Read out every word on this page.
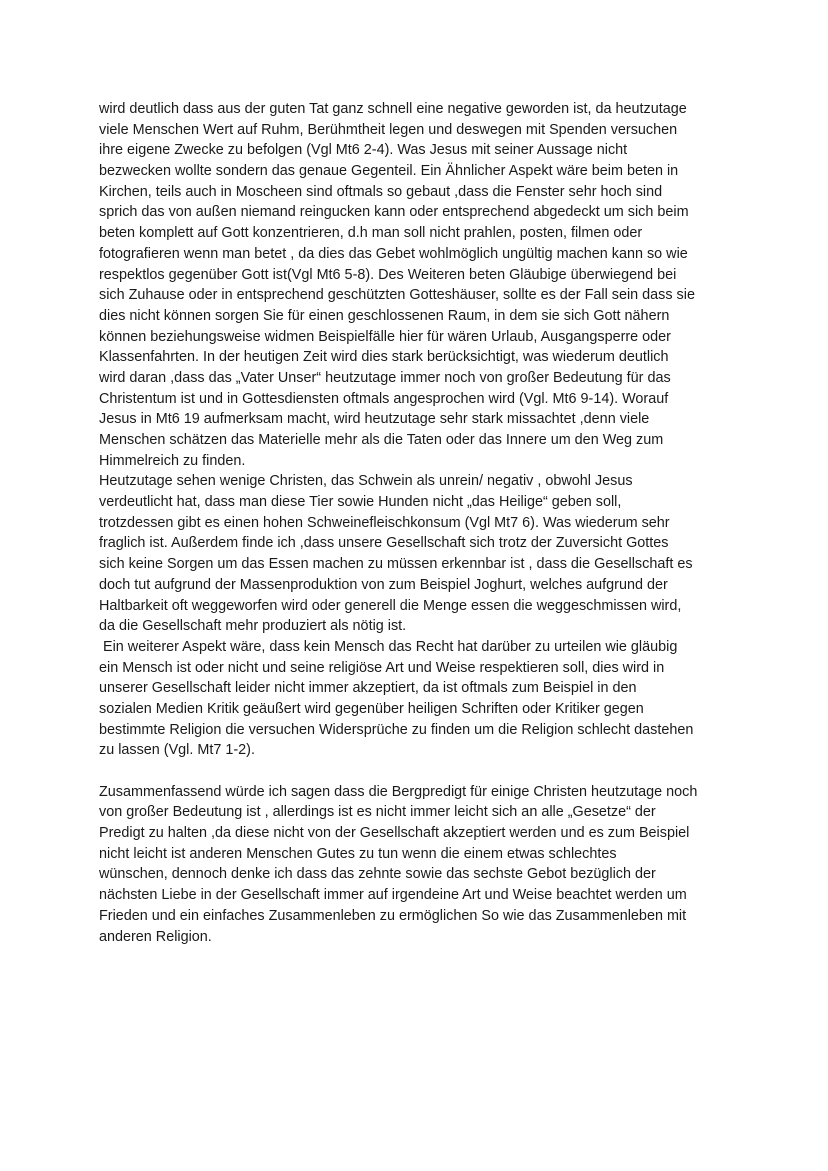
wird deutlich dass aus der guten Tat ganz schnell eine negative geworden ist, da heutzutage
viele Menschen Wert auf Ruhm, Berühmtheit legen und deswegen mit Spenden versuchen
ihre eigene Zwecke zu befolgen (Vgl Mt6 2-4). Was Jesus mit seiner Aussage nicht
bezwecken wollte sondern das genaue Gegenteil. Ein Ähnlicher Aspekt wäre beim beten in
Kirchen, teils auch in Moscheen sind oftmals so gebaut ,dass die Fenster sehr hoch sind
sprich das von außen niemand reingucken kann oder entsprechend abgedeckt um sich beim
beten komplett auf Gott konzentrieren, d.h man soll nicht prahlen, posten, filmen oder
fotografieren wenn man betet , da dies das Gebet wohlmöglich ungültig machen kann so wie
respektlos gegenüber Gott ist(Vgl Mt6 5-8). Des Weiteren beten Gläubige überwiegend bei
sich Zuhause oder in entsprechend geschützten Gotteshäuser, sollte es der Fall sein dass sie
dies nicht können sorgen Sie für einen geschlossenen Raum, in dem sie sich Gott nähern
können beziehungsweise widmen Beispielfälle hier für wären Urlaub, Ausgangsperre oder
Klassenfahrten. In der heutigen Zeit wird dies stark berücksichtigt, was wiederum deutlich
wird daran ,dass das „Vater Unser“ heutzutage immer noch von großer Bedeutung für das
Christentum ist und in Gottesdiensten oftmals angesprochen wird (Vgl. Mt6 9-14). Worauf
Jesus in Mt6 19 aufmerksam macht, wird heutzutage sehr stark missachtet ,denn viele
Menschen schätzen das Materielle mehr als die Taten oder das Innere um den Weg zum
Himmelreich zu finden.
Heutzutage sehen wenige Christen, das Schwein als unrein/ negativ , obwohl Jesus
verdeutlicht hat, dass man diese Tier sowie Hunden nicht „das Heilige“ geben soll,
trotzdessen gibt es einen hohen Schweinefleischkonsum (Vgl Mt7 6). Was wiederum sehr
fraglich ist. Außerdem finde ich ,dass unsere Gesellschaft sich trotz der Zuversicht Gottes
sich keine Sorgen um das Essen machen zu müssen erkennbar ist , dass die Gesellschaft es
doch tut aufgrund der Massenproduktion von zum Beispiel Joghurt, welches aufgrund der
Haltbarkeit oft weggeworfen wird oder generell die Menge essen die weggeschmissen wird,
da die Gesellschaft mehr produziert als nötig ist.
Ein weiterer Aspekt wäre, dass kein Mensch das Recht hat darüber zu urteilen wie gläubig
ein Mensch ist oder nicht und seine religiöse Art und Weise respektieren soll, dies wird in
unserer Gesellschaft leider nicht immer akzeptiert, da ist oftmals zum Beispiel in den
sozialen Medien Kritik geäußert wird gegenüber heiligen Schriften oder Kritiker gegen
bestimmte Religion die versuchen Widersprüche zu finden um die Religion schlecht dastehen
zu lassen (Vgl. Mt7 1-2).
Zusammenfassend würde ich sagen dass die Bergpredigt für einige Christen heutzutage noch
von großer Bedeutung ist , allerdings ist es nicht immer leicht sich an alle „Gesetze“ der
Predigt zu halten ,da diese nicht von der Gesellschaft akzeptiert werden und es zum Beispiel
nicht leicht ist anderen Menschen Gutes zu tun wenn die einem etwas schlechtes
wünschen, dennoch denke ich dass das zehnte sowie das sechste Gebot bezüglich der
nächsten Liebe in der Gesellschaft immer auf irgendeine Art und Weise beachtet werden um
Frieden und ein einfaches Zusammenleben zu ermöglichen So wie das Zusammenleben mit
anderen Religion.
